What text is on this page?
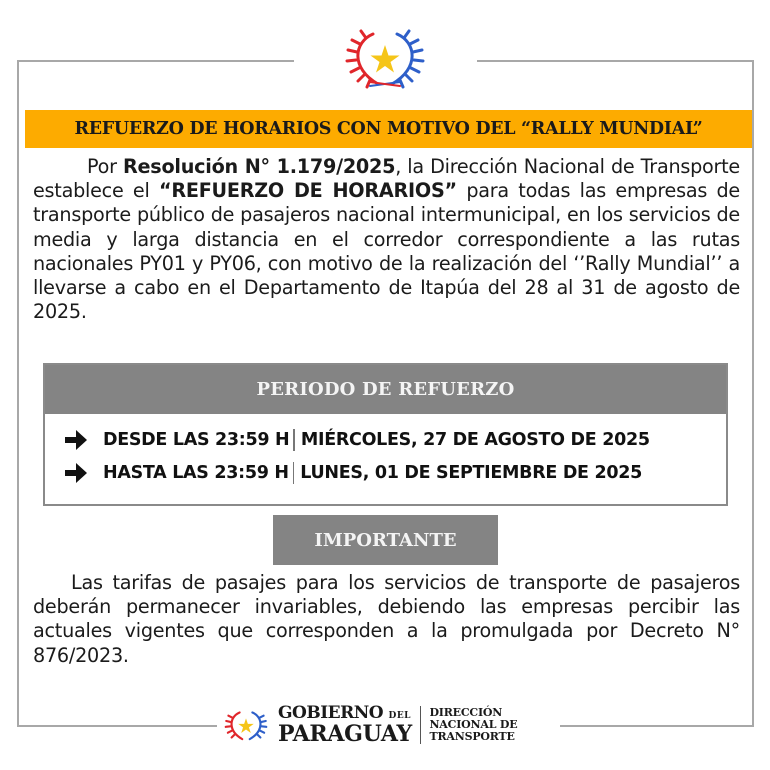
REFUERZO DE HORARIOS CON MOTIVO DEL “RALLY MUNDIAL”

Por Resolución N° 1.179/2025, la Dirección Nacional de Transporte establece el “REFUERZO DE HORARIOS” para todas las empresas de transporte público de pasajeros nacional intermunicipal, en los servicios de media y larga distancia en el corredor correspondiente a las rutas nacionales PY01 y PY06, con motivo de la realización del ‘’Rally Mundial’’ a llevarse a cabo en el Departamento de Itapúa del 28 al 31 de agosto de 2025.

PERIODO DE REFUERZO
DESDE LAS 23:59 H MIÉRCOLES, 27 DE AGOSTO DE 2025
HASTA LAS 23:59 H LUNES, 01 DE SEPTIEMBRE DE 2025
IMPORTANTE

Las tarifas de pasajes para los servicios de transporte de pasajeros deberán permanecer invariables, debiendo las empresas percibir las actuales vigentes que corresponden a la promulgada por Decreto N° 876/2023.

GOBIERNO DEL
PARAGUAY
DIRECCIÓN
NACIONAL DE
TRANSPORTE
